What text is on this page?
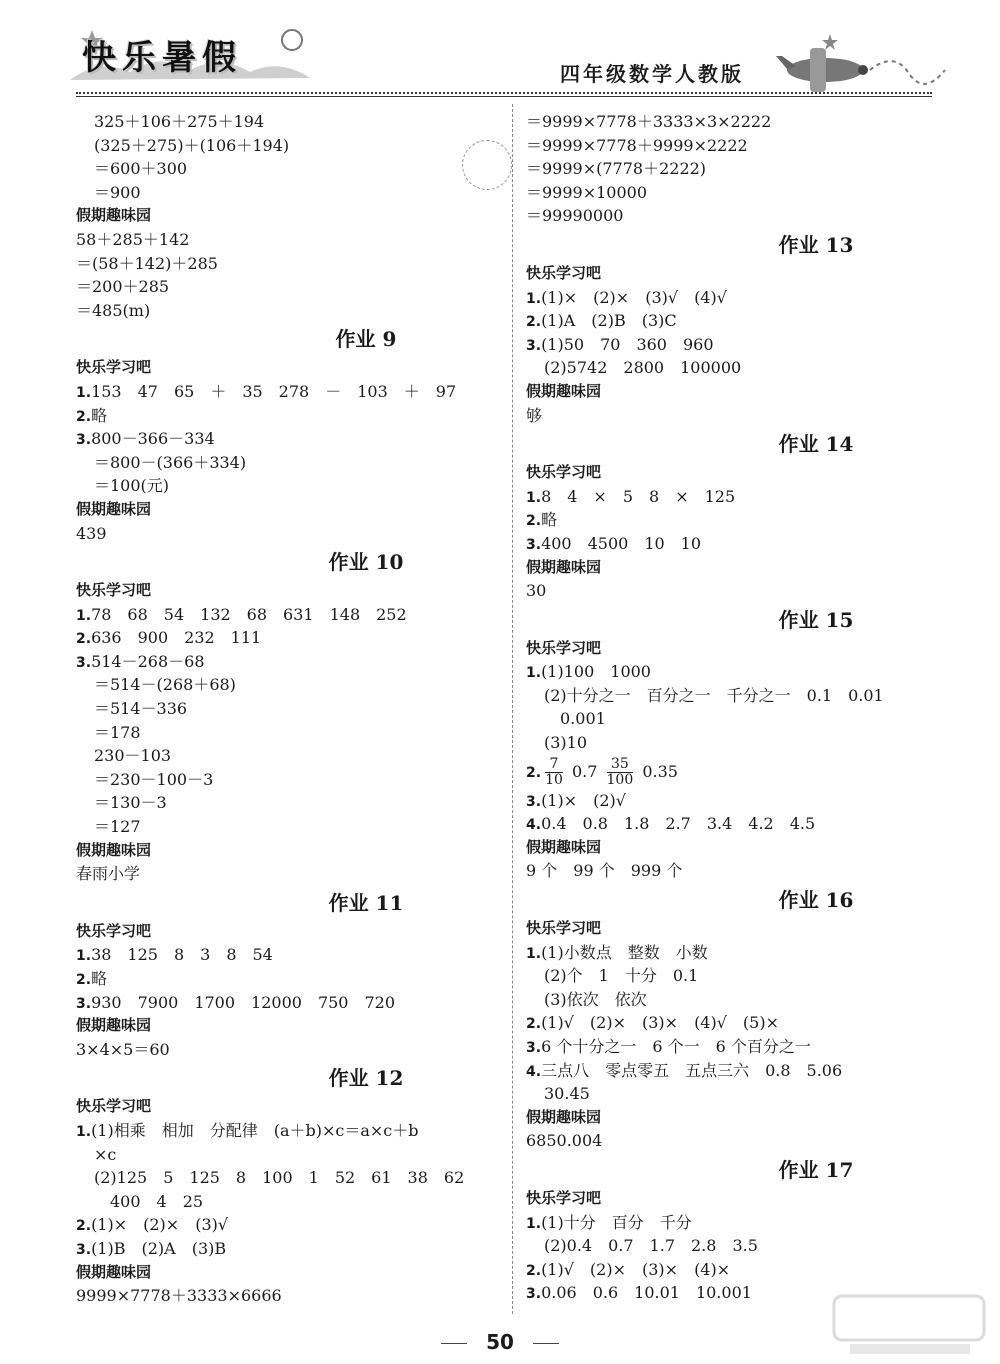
快乐暑假	四年级数学人教版
325＋106＋275＋194
(325＋275)＋(106＋194)
＝600＋300
＝900
假期趣味园
58＋285＋142
＝(58＋142)＋285
＝200＋285
＝485(m)
作业 9
快乐学习吧
1.153　47　65　＋　35　278　－　103　＋　97
2.略
3.800－366－334
＝800－(366＋334)
＝100(元)
假期趣味园
439
作业 10
快乐学习吧
1.78　68　54　132　68　631　148　252
2.636　900　232　111
3.514－268－68
＝514－(268＋68)
＝514－336
＝178
230－103
＝230－100－3
＝130－3
＝127
假期趣味园
春雨小学
作业 11
快乐学习吧
1.38　125　8　3　8　54
2.略
3.930　7900　1700　12000　750　720
假期趣味园
3×4×5＝60
作业 12
快乐学习吧
1.(1)相乘　相加　分配律　(a＋b)×c＝a×c＋b
×c
(2)125　5　125　8　100　1　52　61　38　62
400　4　25
2.(1)×　(2)×　(3)√
3.(1)B　(2)A　(3)B
假期趣味园
9999×7778＋3333×6666
＝9999×7778＋3333×3×2222
＝9999×7778＋9999×2222
＝9999×(7778＋2222)
＝9999×10000
＝99990000
作业 13
快乐学习吧
1.(1)×　(2)×　(3)√　(4)√
2.(1)A　(2)B　(3)C
3.(1)50　70　360　960
(2)5742　2800　100000
假期趣味园
够
作业 14
快乐学习吧
1.8　4　×　5　8　×　125
2.略
3.400　4500　10　10
假期趣味园
30
作业 15
快乐学习吧
1.(1)100　1000
(2)十分之一　百分之一　千分之一　0.1　0.01
0.001
(3)10
2. $\frac{7}{10} 0.7 \frac{35}{100} 0.35$
3.(1)×　(2)√
4.0.4　0.8　1.8　2.7　3.4　4.2　4.5
假期趣味园
9 个　99 个　999 个
作业 16
快乐学习吧
1.(1)小数点　整数　小数
(2)个　1　十分　0.1
(3)依次　依次
2.(1)√　(2)×　(3)×　(4)√　(5)×
3.6 个十分之一　6 个一　6 个百分之一
4.三点八　零点零五　五点三六　0.8　5.06
30.45
假期趣味园
6850.004
作业 17
快乐学习吧
1.(1)十分　百分　千分
(2)0.4　0.7　1.7　2.8　3.5
2.(1)√　(2)×　(3)×　(4)×
3.0.06　0.6　10.01　10.001
50
